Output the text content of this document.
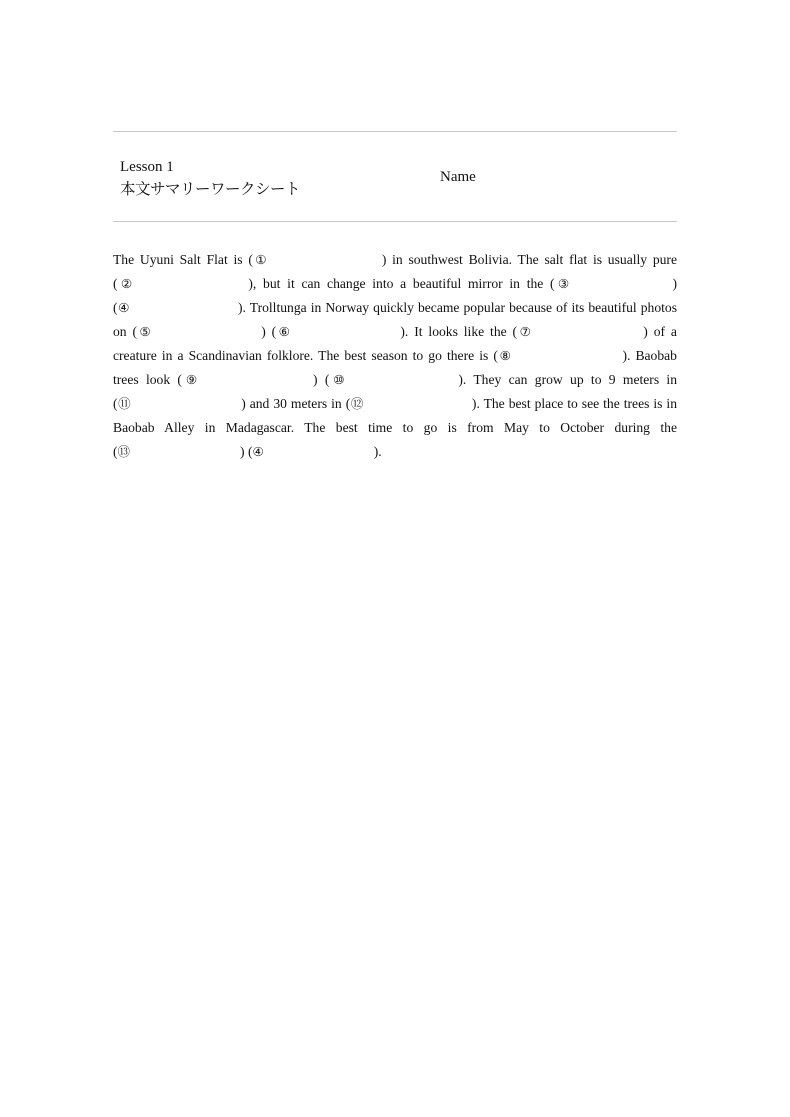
Lesson 1
本文サマリーワークシート
Name
The Uyuni Salt Flat is (①	) in southwest Bolivia. The salt flat is usually pure (②	), but it can change into a beautiful mirror in the (③	) (④	). Trolltunga in Norway quickly became popular because of its beautiful photos on (⑤	) (⑥	). It looks like the (⑦	) of a creature in a Scandinavian folklore. The best season to go there is (⑧	). Baobab trees look (⑨	) (⑩	). They can grow up to 9 meters in (⑪	) and 30 meters in (⑫	). The best place to see the trees is in Baobab Alley in Madagascar. The best time to go is from May to October during the (⑬	) (④	).
